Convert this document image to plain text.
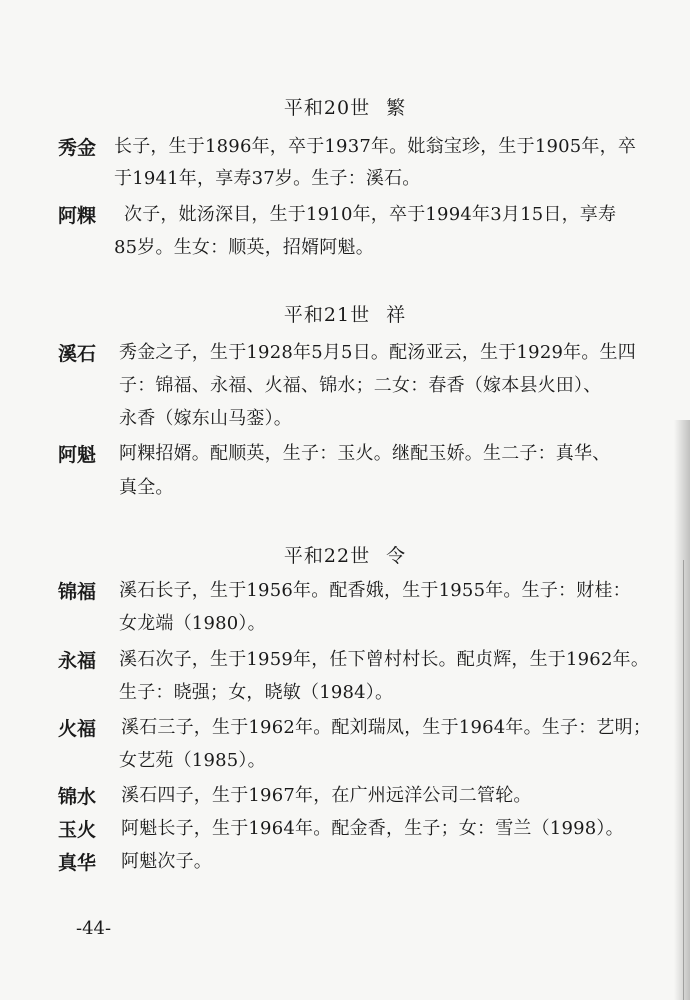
平和20世 繁
秀金 长子，生于1896年，卒于1937年。妣翁宝珍，生于1905年，卒
于1941年，享寿37岁。生子：溪石。
阿粿 次子，妣汤深目，生于1910年，卒于1994年3月15日，享寿
85岁。生女：顺英，招婿阿魁。
平和21世 祥
溪石 秀金之子，生于1928年5月5日。配汤亚云，生于1929年。生四
子：锦福、永福、火福、锦水；二女：春香（嫁本县火田）、
永香（嫁东山马銮）。
阿魁 阿粿招婿。配顺英，生子：玉火。继配玉娇。生二子：真华、
真全。
平和22世 令
锦福 溪石长子，生于1956年。配香娥，生于1955年。生子：财桂：
女龙端（1980）。
永福 溪石次子，生于1959年，任下曾村村长。配贞辉，生于1962年。
生子：晓强；女，晓敏（1984）。
火福 溪石三子，生于1962年。配刘瑞凤，生于1964年。生子：艺明；
女艺苑（1985）。
锦水 溪石四子，生于1967年，在广州远洋公司二管轮。
玉火 阿魁长子，生于1964年。配金香，生子；女：雪兰（1998）。
真华 阿魁次子。
-44-
